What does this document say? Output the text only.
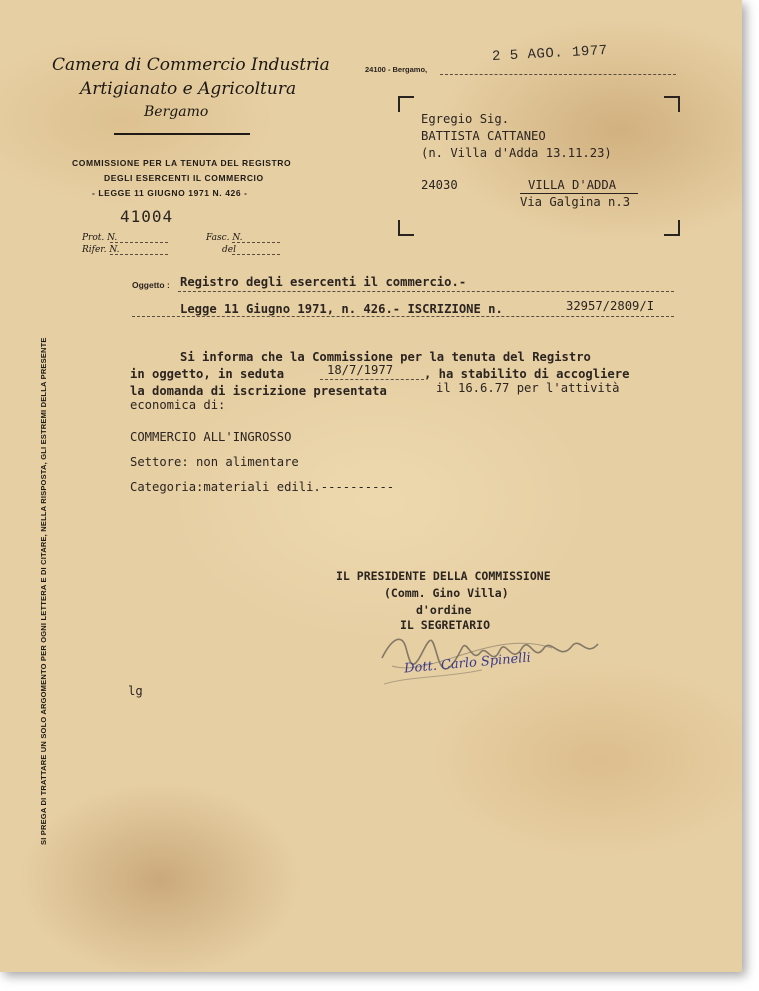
Camera di Commercio Industria
Artigianato e Agricoltura
Bergamo
COMMISSIONE PER LA TENUTA DEL REGISTRO
DEGLI ESERCENTI IL COMMERCIO
- LEGGE 11 GIUGNO 1971 N. 426 -
41004
Prot. N.
Rifer. N.
Fasc. N.
del
24100 - Bergamo,
2 5 AGO. 1977
Egregio Sig.
BATTISTA CATTANEO
(n. Villa d'Adda 13.11.23)
24030	VILLA D'ADDA
Via Galgina n.3
Oggetto : Registro degli esercenti il commercio.-
Legge 11 Giugno 1971, n. 426.- ISCRIZIONE n.	32957/2809/I
Si informa che la Commissione per la tenuta del Registro
in oggetto, in seduta	18/7/1977	, ha stabilito di accogliere
la domanda di iscrizione presentata	il 16.6.77 per l'attività
economica di:
COMMERCIO ALL'INGROSSO
Settore: non alimentare
Categoria:materiali edili.----------
IL PRESIDENTE DELLA COMMISSIONE
(Comm. Gino Villa)
d'ordine
IL SEGRETARIO
Dott. Carlo Spinelli
lg
SI PREGA DI TRATTARE UN SOLO ARGOMENTO PER OGNI LETTERA E DI CITARE, NELLA RISPOSTA, GLI ESTREMI DELLA PRESENTE
